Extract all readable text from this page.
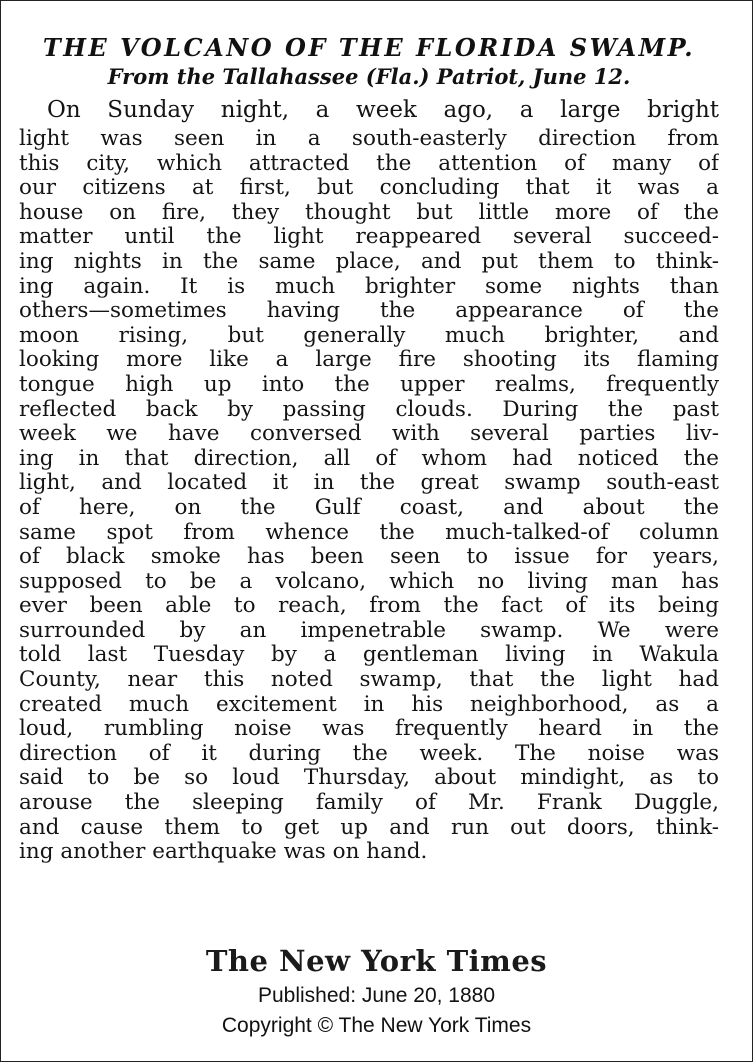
THE VOLCANO OF THE FLORIDA SWAMP.

From the Tallahassee (Fla.) Patriot, June 12.

On Sunday night, a week ago, a large bright
light was seen in a south-easterly direction from
this city, which attracted the attention of many of
our citizens at first, but concluding that it was a
house on fire, they thought but little more of the
matter until the light reappeared several succeed-
ing nights in the same place, and put them to think-
ing again. It is much brighter some nights than
others—sometimes having the appearance of the
moon rising, but generally much brighter, and
looking more like a large fire shooting its flaming
tongue high up into the upper realms, frequently
reflected back by passing clouds. During the past
week we have conversed with several parties liv-
ing in that direction, all of whom had noticed the
light, and located it in the great swamp south-east
of here, on the Gulf coast, and about the
same spot from whence the much-talked-of column
of black smoke has been seen to issue for years,
supposed to be a volcano, which no living man has
ever been able to reach, from the fact of its being
surrounded by an impenetrable swamp. We were
told last Tuesday by a gentleman living in Wakula
County, near this noted swamp, that the light had
created much excitement in his neighborhood, as a
loud, rumbling noise was frequently heard in the
direction of it during the week. The noise was
said to be so loud Thursday, about mindight, as to
arouse the sleeping family of Mr. Frank Duggle,
and cause them to get up and run out doors, think-
ing another earthquake was on hand.
The New York Times
Published: June 20, 1880
Copyright © The New York Times
